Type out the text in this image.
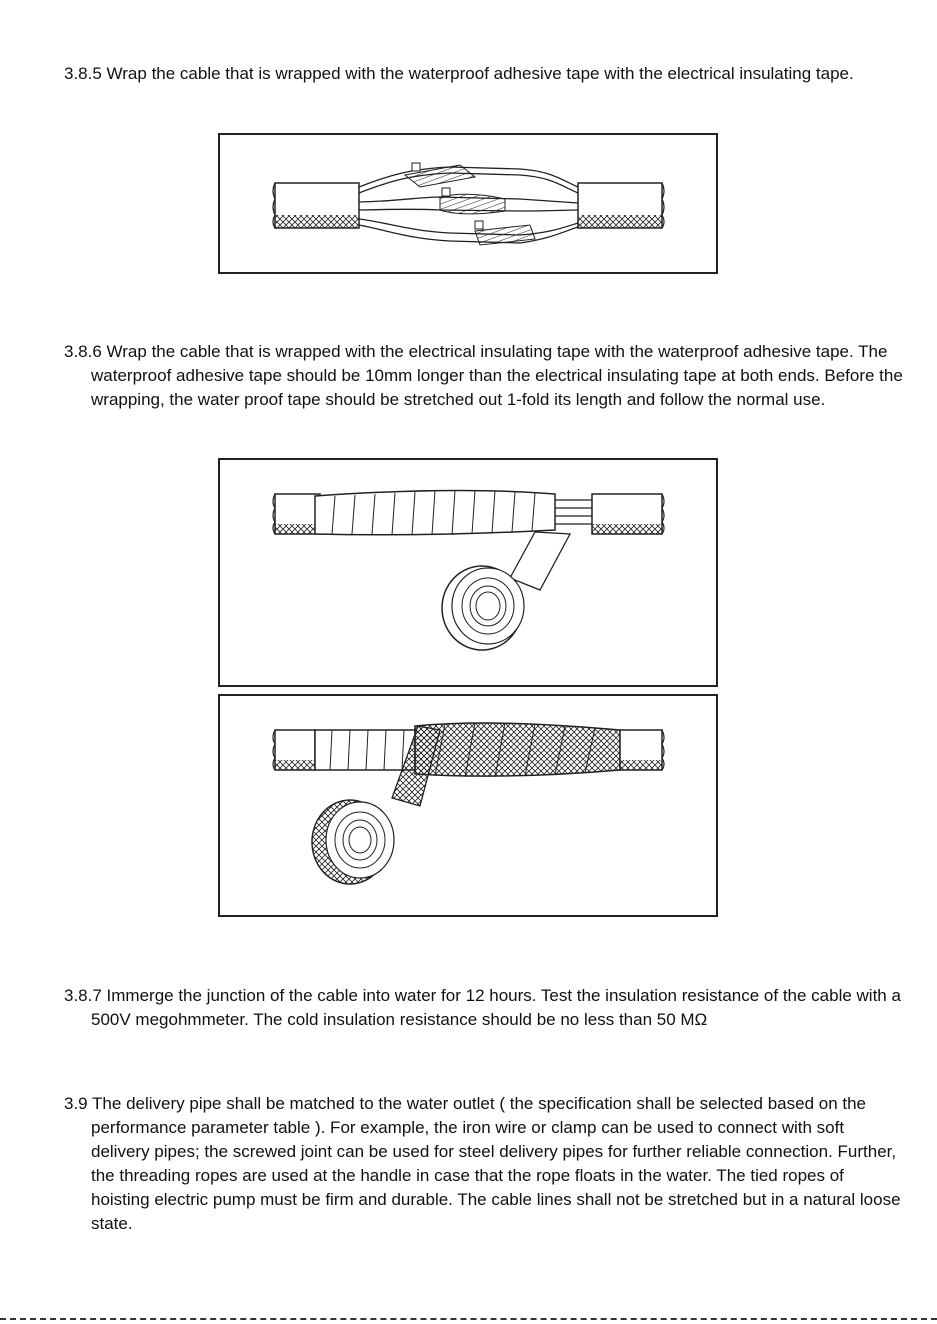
3.8.5 Wrap the cable that is wrapped with the waterproof adhesive tape with the electrical insulating tape.
3.8.6 Wrap the cable that is wrapped with the electrical insulating tape with the waterproof adhesive tape. The waterproof adhesive tape should be 10mm longer than the electrical insulating tape at both ends. Before the wrapping, the water proof tape should be stretched out 1-fold its length and follow the normal use.
3.8.7 Immerge the junction of the cable into water for 12 hours. Test the insulation resistance of the cable with a 500V megohmmeter. The cold insulation resistance should be no less than 50 MΩ
3.9 The delivery pipe shall be matched to the water outlet ( the specification shall be selected based on the performance parameter table ). For example, the iron wire or clamp can be used to connect with soft delivery pipes; the screwed joint can be used for steel delivery pipes for further reliable connection. Further, the threading ropes are used at the handle in case that the rope floats in the water. The tied ropes of hoisting electric pump must be firm and durable. The cable lines shall not be stretched but in a natural loose state.
